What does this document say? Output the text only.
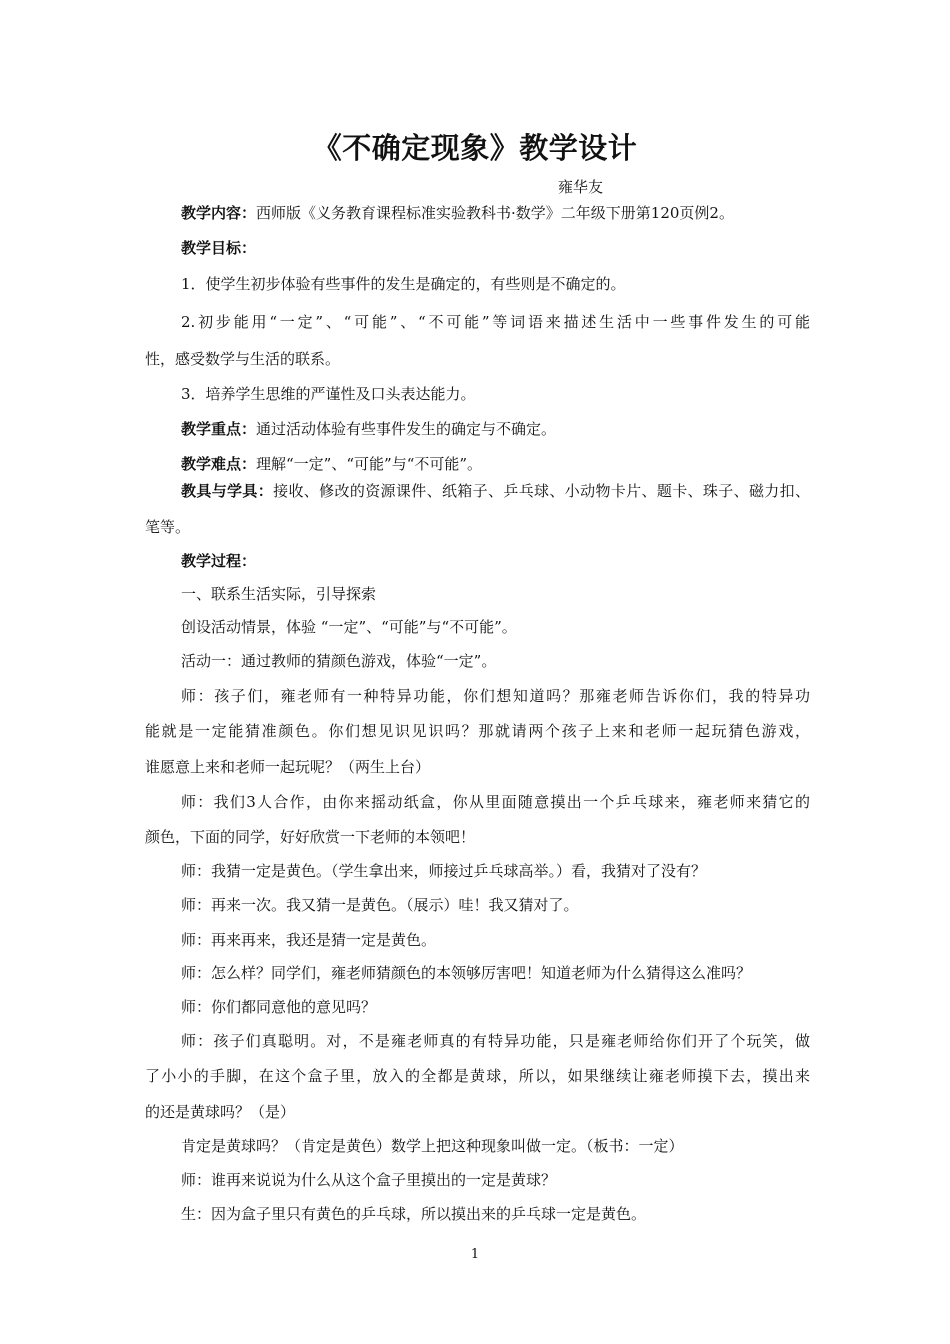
《不确定现象》教学设计
雍华友
教学内容：西师版《义务教育课程标准实验教科书·数学》二年级下册第120页例2。
教学目标：
1．使学生初步体验有些事件的发生是确定的，有些则是不确定的。
2.初步能用“一定”、“可能”、“不可能”等词语来描述生活中一些事件发生的可能
性，感受数学与生活的联系。
3．培养学生思维的严谨性及口头表达能力。
教学重点：通过活动体验有些事件发生的确定与不确定。
教学难点：理解“一定”、“可能”与“不可能”。
教具与学具：接收、修改的资源课件、纸箱子、乒乓球、小动物卡片、题卡、珠子、磁力扣、
笔等。
教学过程：
一、联系生活实际，引导探索
创设活动情景，体验 “一定”、“可能”与“不可能”。
活动一：通过教师的猜颜色游戏，体验“一定”。
师：孩子们，雍老师有一种特异功能，你们想知道吗？那雍老师告诉你们，我的特异功
能就是一定能猜准颜色。你们想见识见识吗？那就请两个孩子上来和老师一起玩猜色游戏，
谁愿意上来和老师一起玩呢？（两生上台）
师：我们3人合作，由你来摇动纸盒，你从里面随意摸出一个乒乓球来，雍老师来猜它的
颜色，下面的同学，好好欣赏一下老师的本领吧！
师：我猜一定是黄色。（学生拿出来，师接过乒乓球高举。）看，我猜对了没有？
师：再来一次。我又猜一是黄色。（展示）哇！我又猜对了。
师：再来再来，我还是猜一定是黄色。
师：怎么样？同学们，雍老师猜颜色的本领够厉害吧！知道老师为什么猜得这么准吗？
师：你们都同意他的意见吗？
师：孩子们真聪明。对，不是雍老师真的有特异功能，只是雍老师给你们开了个玩笑，做
了小小的手脚，在这个盒子里，放入的全都是黄球，所以，如果继续让雍老师摸下去，摸出来
的还是黄球吗？（是）
肯定是黄球吗？（肯定是黄色）数学上把这种现象叫做一定。（板书：一定）
师：谁再来说说为什么从这个盒子里摸出的一定是黄球？
生：因为盒子里只有黄色的乒乓球，所以摸出来的乒乓球一定是黄色。
1
